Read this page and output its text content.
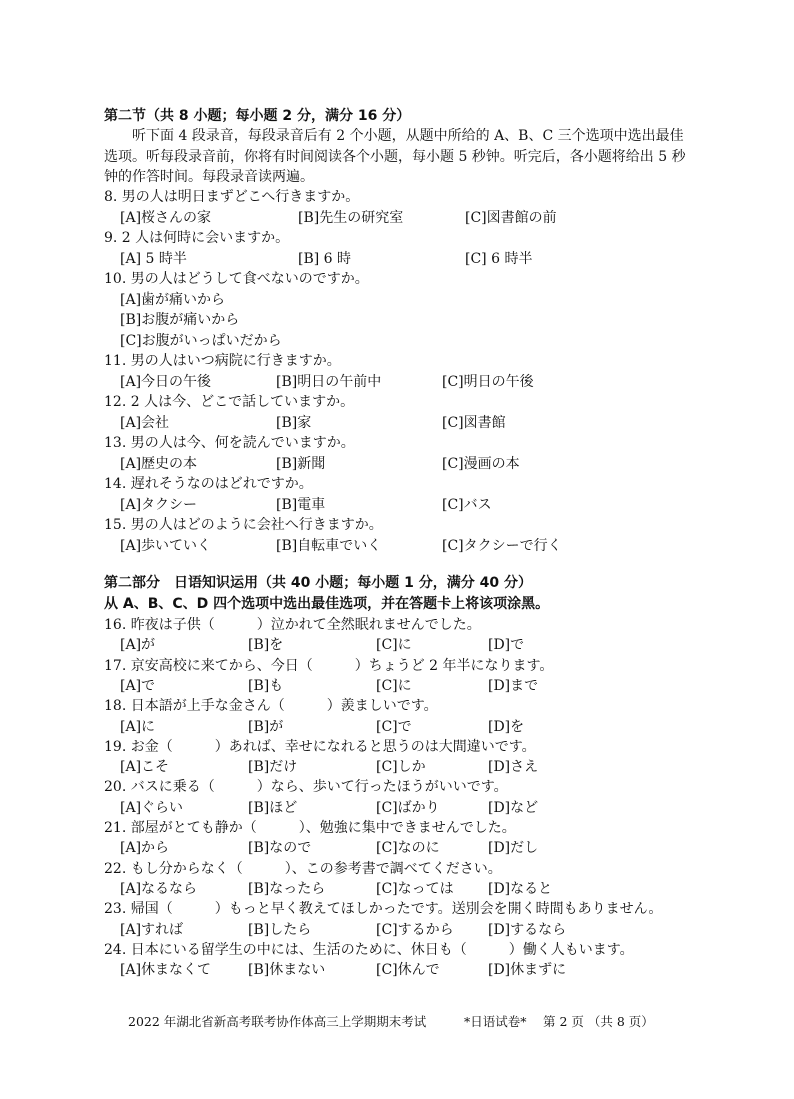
第二节（共 8 小题；每小题 2 分，满分 16 分）
听下面 4 段录音，每段录音后有 2 个小题，从题中所给的 A、B、C 三个选项中选出最佳选项。听每段录音前，你将有时间阅读各个小题，每小题 5 秒钟。听完后，各小题将给出 5 秒钟的作答时间。每段录音读两遍。
8. 男の人は明日まずどこへ行きますか。
[A]桜さんの家	[B]先生の研究室	[C]図書館の前
9. 2 人は何時に会いますか。
[A] 5 時半	[B] 6 時	[C] 6 時半
10. 男の人はどうして食べないのですか。
[A]歯が痛いから
[B]お腹が痛いから
[C]お腹がいっぱいだから
11. 男の人はいつ病院に行きますか。
[A]今日の午後	[B]明日の午前中	[C]明日の午後
12. 2 人は今、どこで話していますか。
[A]会社	[B]家	[C]図書館
13. 男の人は今、何を読んでいますか。
[A]歴史の本	[B]新聞	[C]漫画の本
14. 遅れそうなのはどれですか。
[A]タクシー	[B]電車	[C]バス
15. 男の人はどのように会社へ行きますか。
[A]歩いていく	[B]自転車でいく	[C]タクシーで行く
第二部分　日语知识运用（共 40 小题；每小题 1 分，满分 40 分）
从 A、B、C、D 四个选项中选出最佳选项，并在答题卡上将该项涂黑。
16. 昨夜は子供（　　　）泣かれて全然眠れませんでした。
[A]が	[B]を	[C]に	[D]で
17. 京安高校に来てから、今日（　　　）ちょうど 2 年半になります。
[A]で	[B]も	[C]に	[D]まで
18. 日本語が上手な金さん（　　　）羨ましいです。
[A]に	[B]が	[C]で	[D]を
19. お金（　　　）あれば、幸せになれると思うのは大間違いです。
[A]こそ	[B]だけ	[C]しか	[D]さえ
20. バスに乗る（　　　）なら、歩いて行ったほうがいいです。
[A]ぐらい	[B]ほど	[C]ばかり	[D]など
21. 部屋がとても静か（　　　）、勉強に集中できませんでした。
[A]から	[B]なので	[C]なのに	[D]だし
22. もし分からなく（　　　）、この参考書で調べてください。
[A]なるなら	[B]なったら	[C]なっては [D]なると
23. 帰国（　　　）もっと早く教えてほしかったです。送別会を開く時間もありません。
[A]すれば	[B]したら	[C]するから [D]するなら
24. 日本にいる留学生の中には、生活のために、休日も（　　　）働く人もいます。
[A]休まなくて	[B]休まない	[C]休んで	[D]休まずに
2022 年湖北省新高考联考协作体高三上学期期末考试	*日语试卷* 第 2 页 （共 8 页）
